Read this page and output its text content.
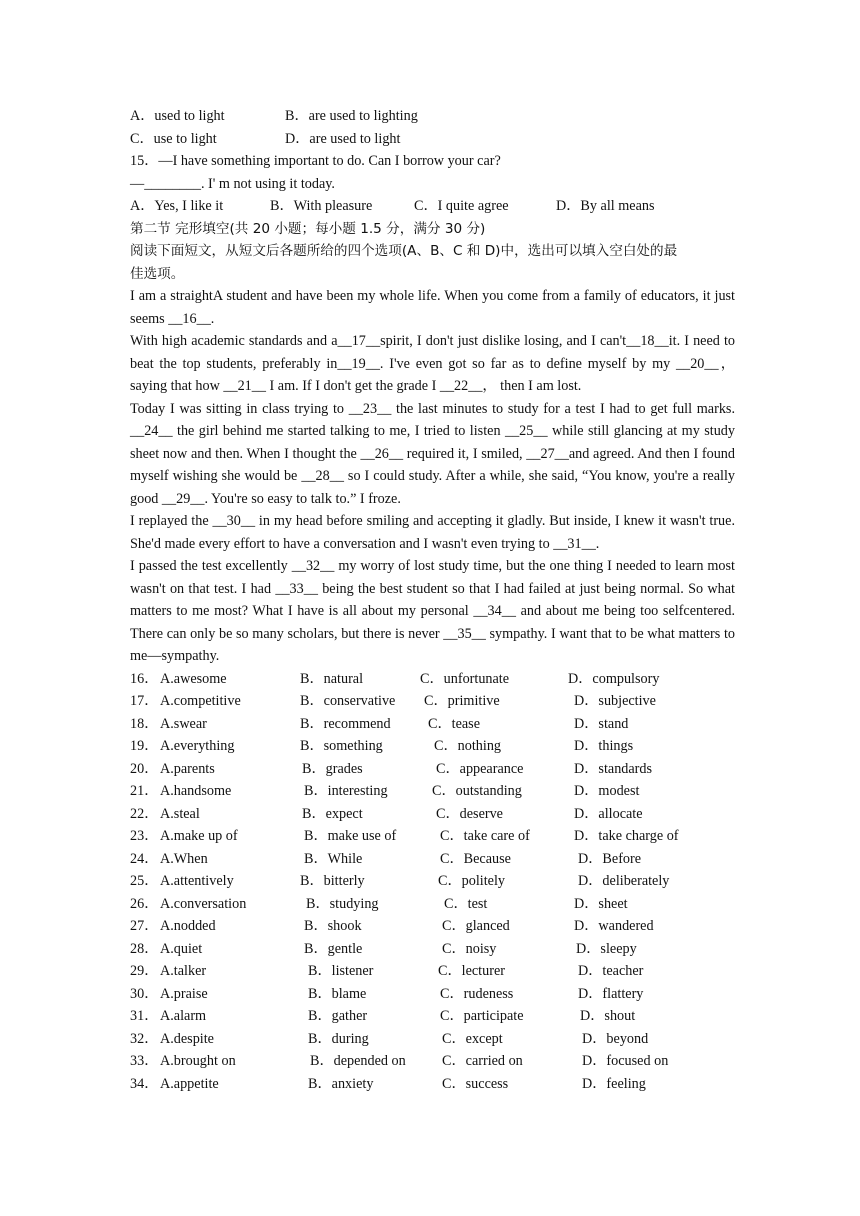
A．used to light	B．are used to lighting
C．use to light	D．are used to light
15．—I have something important to do. Can I borrow your car?
—________. I' m not using it today.
A．Yes, I like it	B．With pleasure	C．I quite agree	D．By all means
第二节 完形填空(共 20 小题；每小题 1.5 分，满分 30 分)
阅读下面短文，从短文后各题所给的四个选项(A、B、C 和 D)中，选出可以填入空白处的最
佳选项。
I am a straightA student and have been my whole life. When you come from a family of educators, it just seems __16__.
With high academic standards and a__17__spirit, I don't just dislike losing, and I can't__18__it. I need to beat the top students, preferably in__19__. I've even got so far as to define myself by my __20__， saying that how __21__ I am. If I don't get the grade I __22__， then I am lost.
Today I was sitting in class trying to __23__ the last minutes to study for a test I had to get full marks. __24__ the girl behind me started talking to me, I tried to listen __25__ while still glancing at my study sheet now and then. When I thought the __26__ required it, I smiled, __27__and agreed. And then I found myself wishing she would be __28__ so I could study. After a while, she said, “You know, you're a really good __29__. You're so easy to talk to.” I froze.
I replayed the __30__ in my head before smiling and accepting it gladly. But inside, I knew it wasn't true. She'd made every effort to have a conversation and I wasn't even trying to __31__.
I passed the test excellently __32__ my worry of lost study time, but the one thing I needed to learn most wasn't on that test. I had __33__ being the best student so that I had failed at just being normal. So what matters to me most? What I have is all about my personal __34__ and about me being too selfcentered. There can only be so many scholars, but there is never __35__ sympathy. I want that to be what matters to me—sympathy.
16． A.awesome	B．natural	C．unfortunate	D．compulsory
17． A.competitive	B．conservative C．primitive	D．subjective
18． A.swear	B．recommend	C．tease	D．stand
19． A.everything	B．something	C．nothing	D．things
20． A.parents	B．grades	C．appearance	D．standards
21． A.handsome	B．interesting	C．outstanding	D．modest
22． A.steal	B．expect	C．deserve	D．allocate
23． A.make up of	B．make use of	C．take care of	D．take charge of
24． A.When	B．While	C．Because	D．Before
25． A.attentively	B．bitterly	C．politely	D．deliberately
26． A.conversation	B．studying	C．test	D．sheet
27． A.nodded	B．shook	C．glanced	D．wandered
28． A.quiet	B．gentle	C．noisy	D．sleepy
29． A.talker	B．listener	C．lecturer	D．teacher
30． A.praise	B．blame	C．rudeness	D．flattery
31． A.alarm	B．gather	C．participate	D．shout
32． A.despite	B．during	C．except	D．beyond
33． A.brought on	B．depended on	C．carried on	D．focused on
34． A.appetite	B．anxiety	C．success	D．feeling
